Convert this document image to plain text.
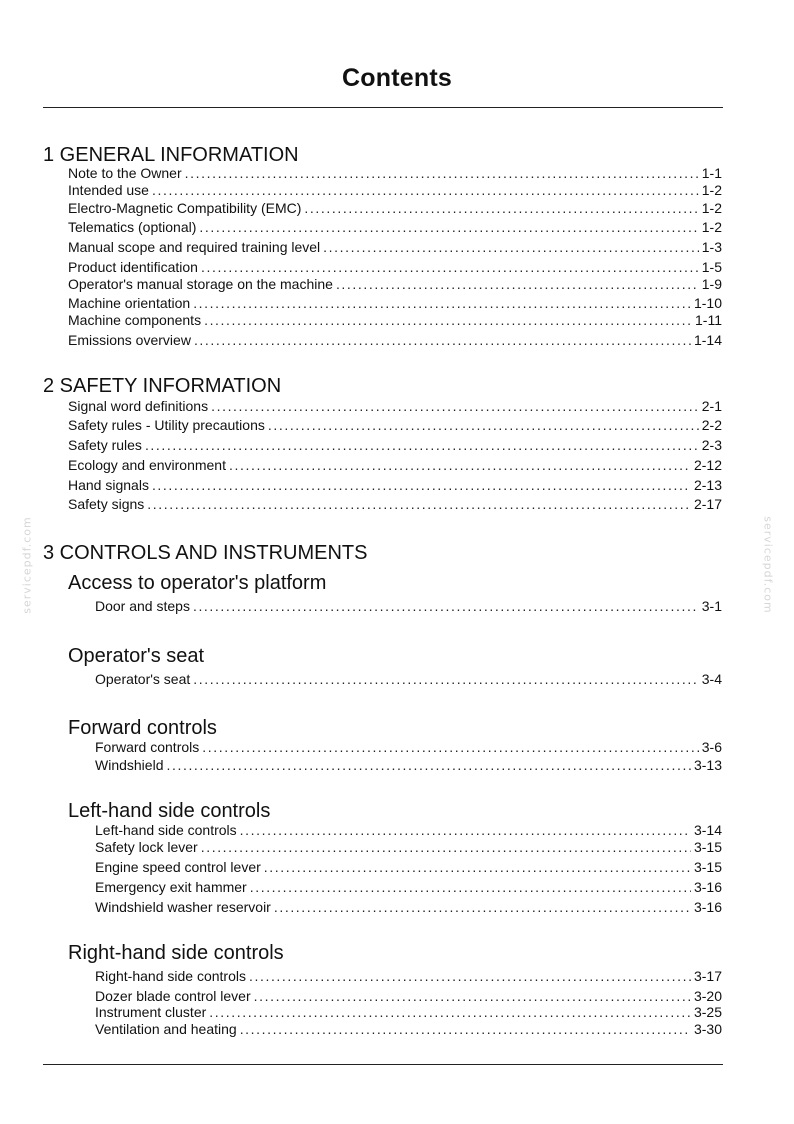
Contents
1 GENERAL INFORMATION
Note to the Owner .....	1-1
Intended use .....	1-2
Electro-Magnetic Compatibility (EMC) .....	1-2
Telematics (optional) .....	1-2
Manual scope and required training level .....	1-3
Product identification .....	1-5
Operator's manual storage on the machine .....	1-9
Machine orientation .....	1-10
Machine components .....	1-11
Emissions overview .....	1-14
2 SAFETY INFORMATION
Signal word definitions .....	2-1
Safety rules - Utility precautions .....	2-2
Safety rules .....	2-3
Ecology and environment .....	2-12
Hand signals .....	2-13
Safety signs .....	2-17
3 CONTROLS AND INSTRUMENTS
Access to operator's platform
Door and steps .....	3-1
Operator's seat
Operator's seat .....	3-4
Forward controls
Forward controls .....	3-6
Windshield .....	3-13
Left-hand side controls
Left-hand side controls .....	3-14
Safety lock lever .....	3-15
Engine speed control lever .....	3-15
Emergency exit hammer .....	3-16
Windshield washer reservoir .....	3-16
Right-hand side controls
Right-hand side controls .....	3-17
Dozer blade control lever .....	3-20
Instrument cluster .....	3-25
Ventilation and heating .....	3-30
servicepdf.com	servicepdf.com
